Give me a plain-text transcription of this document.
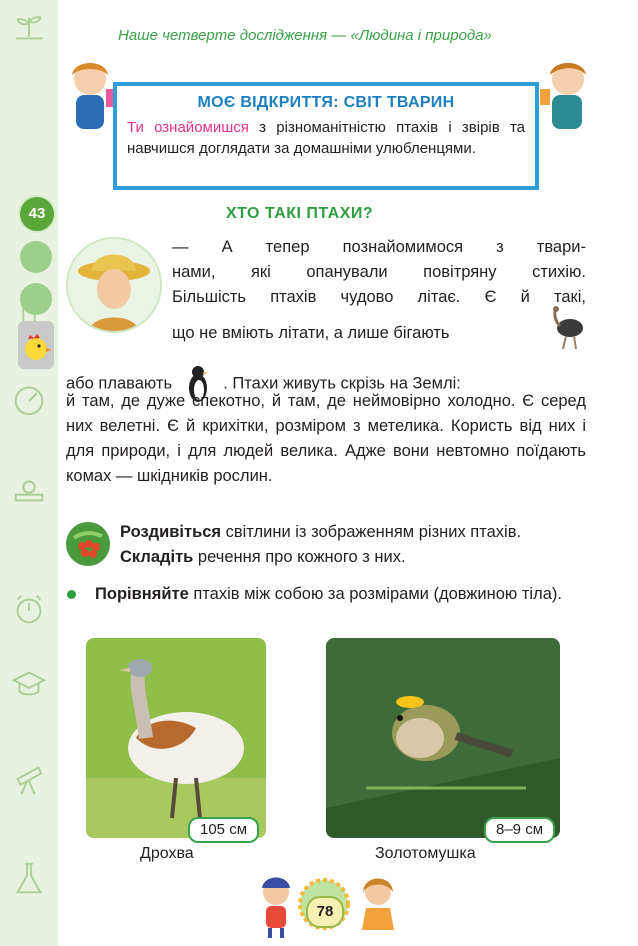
Наше четверте дослідження — «Людина і природа»
МОЄ ВІДКРИТТЯ: СВІТ ТВАРИН
Ти ознайомишся з різноманітністю птахів і звірів та навчишся доглядати за домашніми улюбленцями.
43	ХТО ТАКІ ПТАХИ?
— А тепер познайомимося з твари-
нами, які опанували повітряну стихію.
Більшість птахів чудово літає. Є й такі,
що не вміють літати, а лише бігають
або плавають	. Птахи живуть скрізь на Землі:
й там, де дуже спекотно, й там, де неймовірно холодно. Є серед них велетні. Є й крихітки, розміром з метелика. Користь від них і для природи, і для людей велика. Адже вони невтомно поїдають комах — шкідників рослин.
Роздивіться світлини із зображенням різних птахів. Складіть речення про кожного з них.
Порівняйте птахів між собою за розмірами (довжиною тіла).
105 см
Дрохва
8–9 см
Золотомушка
78
